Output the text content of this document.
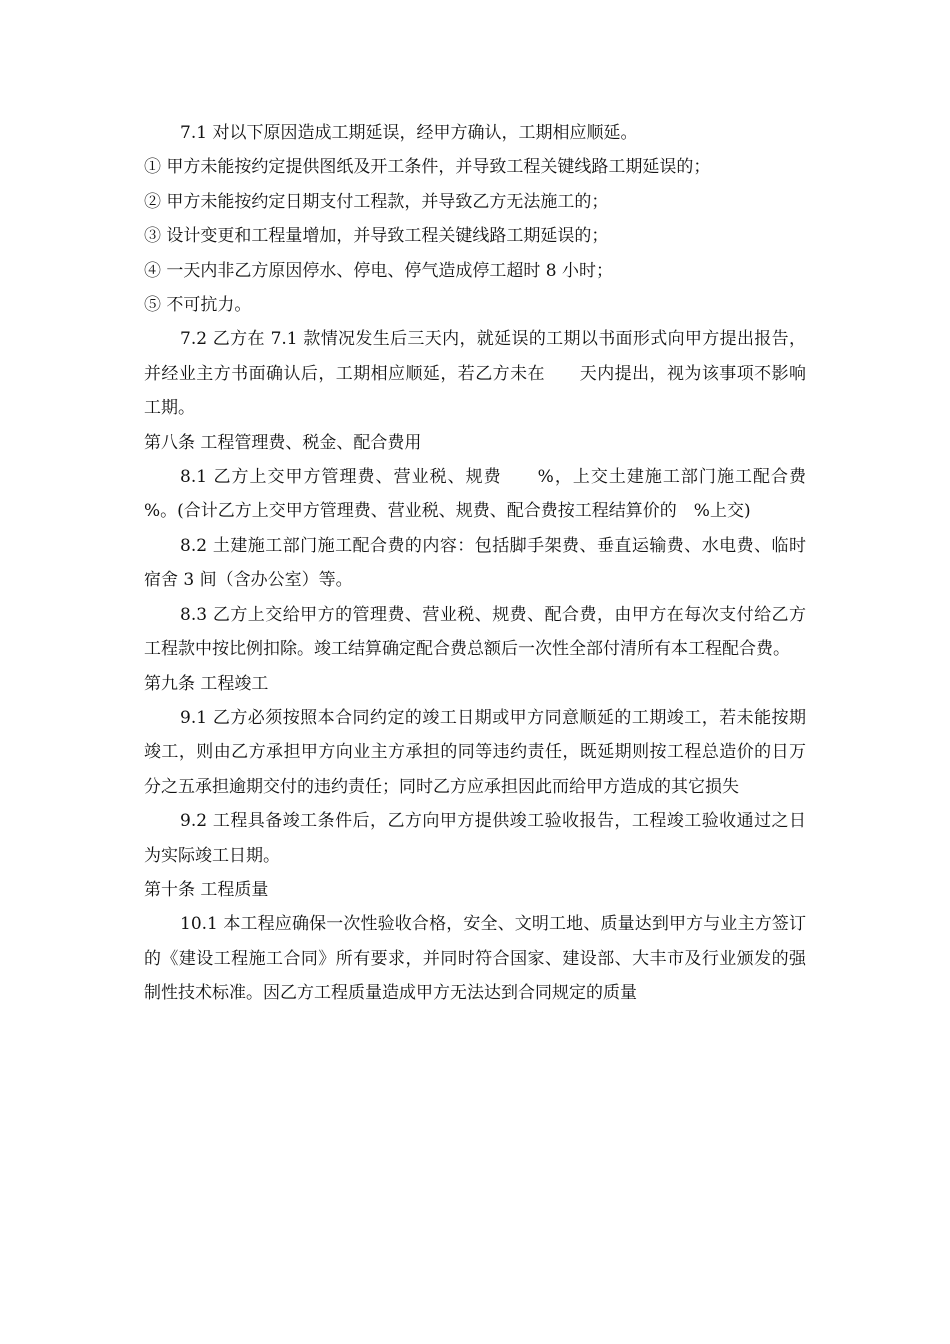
7.1 对以下原因造成工期延误，经甲方确认，工期相应顺延。

① 甲方未能按约定提供图纸及开工条件，并导致工程关键线路工期延误的；

② 甲方未能按约定日期支付工程款，并导致乙方无法施工的；

③ 设计变更和工程量增加，并导致工程关键线路工期延误的；

④ 一天内非乙方原因停水、停电、停气造成停工超时 8 小时；

⑤ 不可抗力。

7.2 乙方在 7.1 款情况发生后三天内，就延误的工期以书面形式向甲方提出报告，并经业主方书面确认后，工期相应顺延，若乙方未在　　天内提出，视为该事项不影响工期。

第八条 工程管理费、税金、配合费用

8.1 乙方上交甲方管理费、营业税、规费　　%，上交土建施工部门施工配合费　%。(合计乙方上交甲方管理费、营业税、规费、配合费按工程结算价的　%上交)

8.2 土建施工部门施工配合费的内容：包括脚手架费、垂直运输费、水电费、临时宿舍 3 间（含办公室）等。

8.3 乙方上交给甲方的管理费、营业税、规费、配合费，由甲方在每次支付给乙方工程款中按比例扣除。竣工结算确定配合费总额后一次性全部付清所有本工程配合费。

第九条 工程竣工

9.1 乙方必须按照本合同约定的竣工日期或甲方同意顺延的工期竣工，若未能按期竣工，则由乙方承担甲方向业主方承担的同等违约责任，既延期则按工程总造价的日万分之五承担逾期交付的违约责任；同时乙方应承担因此而给甲方造成的其它损失

9.2 工程具备竣工条件后，乙方向甲方提供竣工验收报告，工程竣工验收通过之日为实际竣工日期。

第十条 工程质量

10.1 本工程应确保一次性验收合格，安全、文明工地、质量达到甲方与业主方签订的《建设工程施工合同》所有要求，并同时符合国家、建设部、大丰市及行业颁发的强制性技术标准。因乙方工程质量造成甲方无法达到合同规定的质量
